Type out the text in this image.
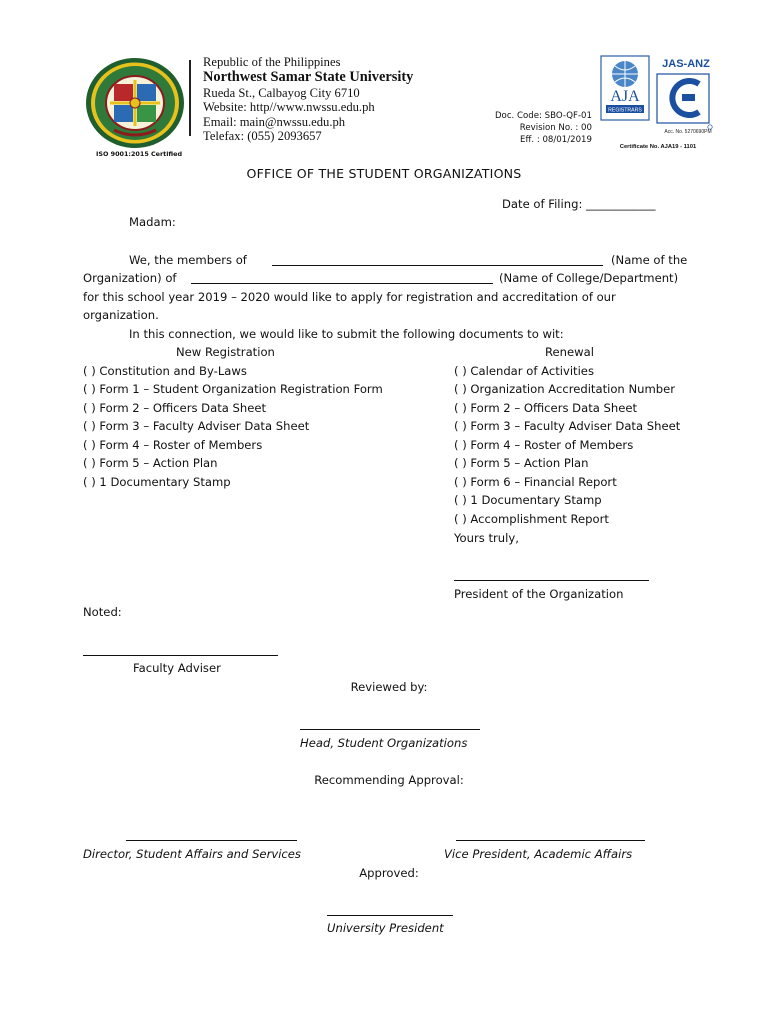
Republic of the Philippines
Northwest Samar State University
Rueda St., Calbayog City 6710
Website: http//www.nwssu.edu.ph
Email: main@nwssu.edu.ph
Telefax: (055) 2093657
ISO 9001:2015 Certified
Doc. Code: SBO-QF-01
Revision No. : 00
Eff. : 08/01/2019
AJA
REGISTRARS
JAS-ANZ
Acc. No. 5270690PM
Certificate No. AJA19 - 1101
OFFICE OF THE STUDENT ORGANIZATIONS
Date of Filing: ____________
Madam:
We, the members of	(Name of the
Organization) of	(Name of College/Department)
for this school year 2019 – 2020 would like to apply for registration and accreditation of our
organization.
In this connection, we would like to submit the following documents to wit:
New Registration	Renewal
( ) Constitution and By-Laws
( ) Form 1 – Student Organization Registration Form
( ) Form 2 – Officers Data Sheet
( ) Form 3 – Faculty Adviser Data Sheet
( ) Form 4 – Roster of Members
( ) Form 5 – Action Plan
( ) 1 Documentary Stamp
( ) Calendar of Activities
( ) Organization Accreditation Number
( ) Form 2 – Officers Data Sheet
( ) Form 3 – Faculty Adviser Data Sheet
( ) Form 4 – Roster of Members
( ) Form 5 – Action Plan
( ) Form 6 – Financial Report
( ) 1 Documentary Stamp
( ) Accomplishment Report
Yours truly,
President of the Organization
Noted:
Faculty Adviser
Reviewed by:
Head, Student Organizations
Recommending Approval:
Director, Student Affairs and Services	Vice President, Academic Affairs
Approved:
University President
